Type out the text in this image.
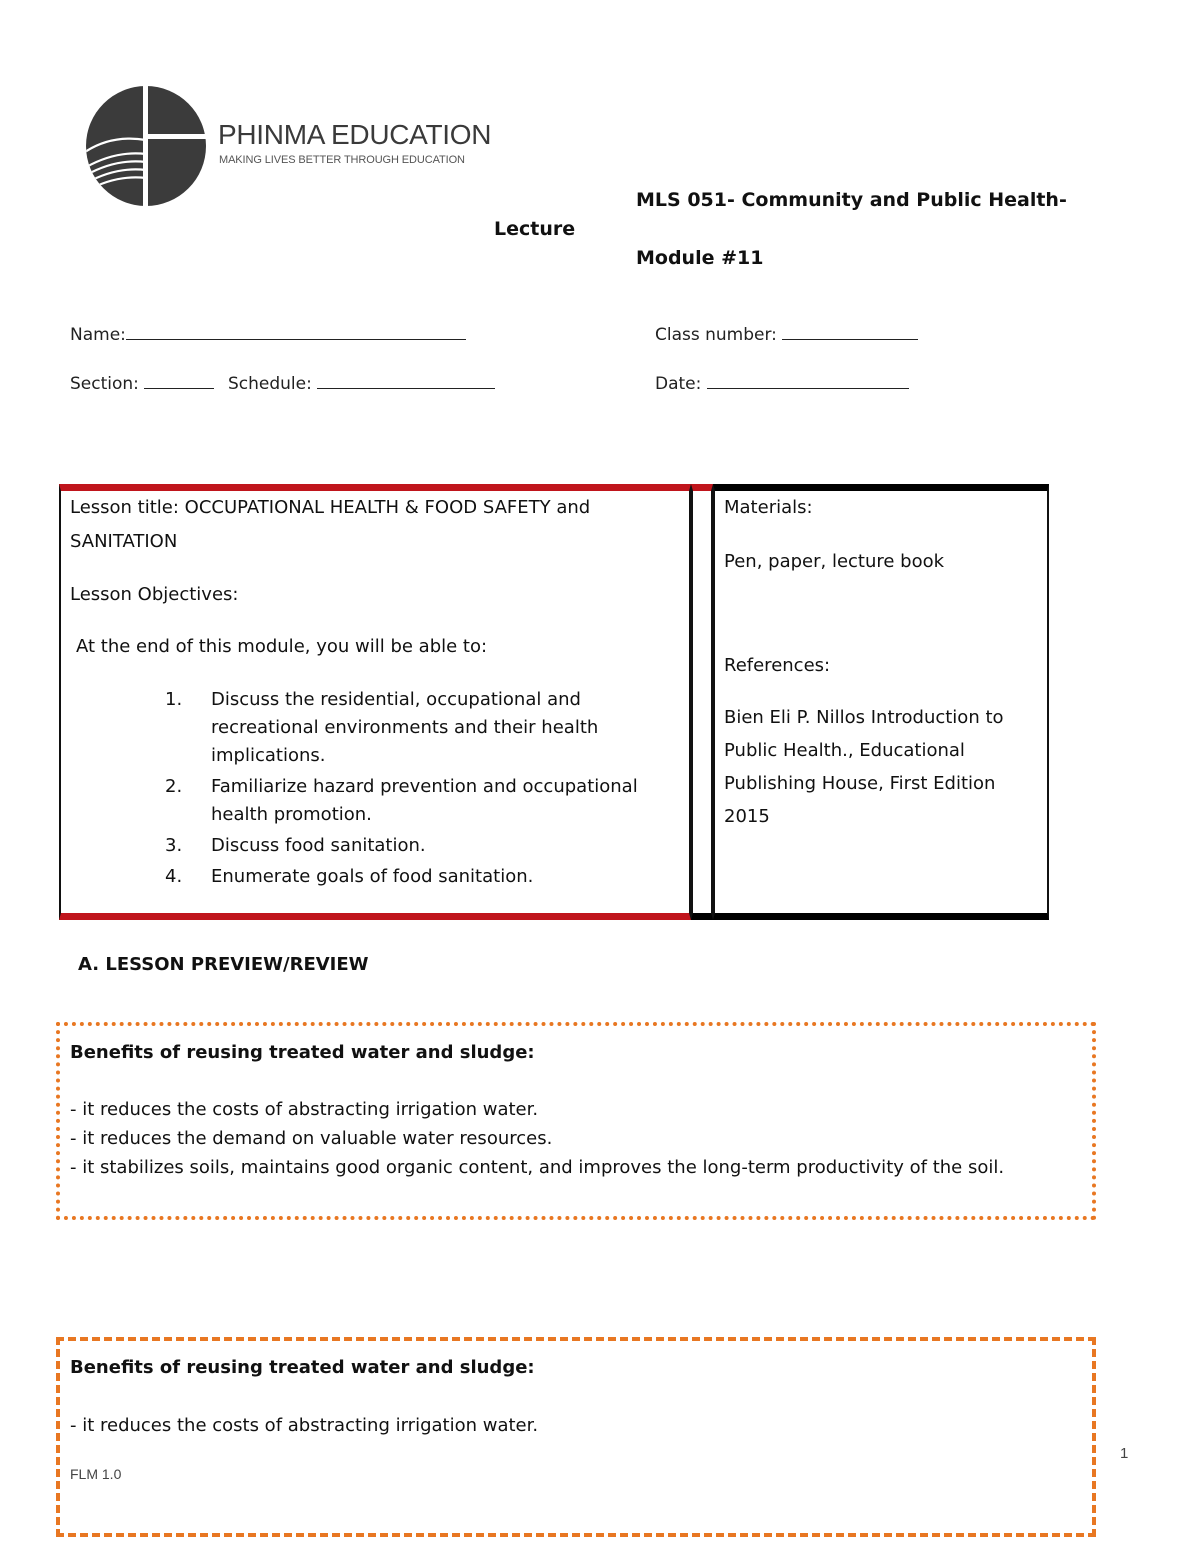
PHINMA EDUCATION
MAKING LIVES BETTER THROUGH EDUCATION
MLS 051- Community and Public Health-
Lecture
Module #11
Name:	Class number:
Section:	Schedule:	Date:
Lesson title: OCCUPATIONAL HEALTH & FOOD SAFETY and
SANITATION
Lesson Objectives:
At the end of this module, you will be able to:
1.	Discuss the residential, occupational and recreational environments and their health implications.
2.	Familiarize hazard prevention and occupational health promotion.
3.	Discuss food sanitation.
4.	Enumerate goals of food sanitation.
Materials:
Pen, paper, lecture book
References:
Bien Eli P. Nillos Introduction to Public Health., Educational Publishing House, First Edition 2015
A. LESSON PREVIEW/REVIEW
Benefits of reusing treated water and sludge:
- it reduces the costs of abstracting irrigation water.
- it reduces the demand on valuable water resources.
- it stabilizes soils, maintains good organic content, and improves the long-term productivity of the soil.
Benefits of reusing treated water and sludge:
- it reduces the costs of abstracting irrigation water.
FLM 1.0
1
